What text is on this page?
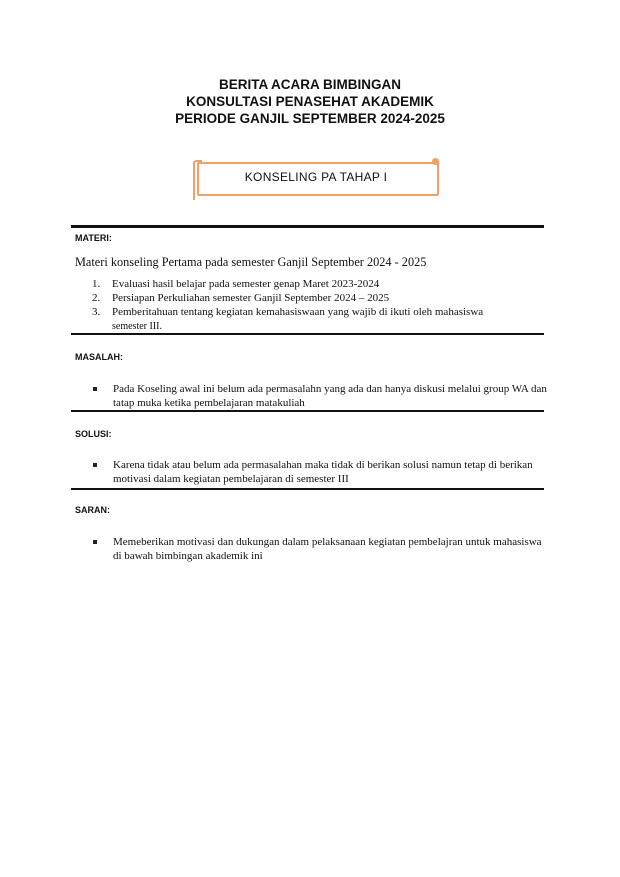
BERITA ACARA BIMBINGAN
KONSULTASI PENASEHAT AKADEMIK
PERIODE GANJIL SEPTEMBER 2024-2025
KONSELING PA TAHAP I
MATERI:
Materi konseling Pertama pada semester Ganjil September 2024 - 2025
1. Evaluasi hasil belajar pada semester genap Maret 2023-2024
2. Persiapan Perkuliahan semester Ganjil September 2024 – 2025
3. Pemberitahuan tentang kegiatan kemahasiswaan yang wajib di ikuti oleh mahasiswa
semester III.
MASALAH:
Pada Koseling awal ini belum ada permasalahn yang ada dan hanya diskusi melalui group WA dan tatap muka ketika pembelajaran matakuliah
SOLUSI:
Karena tidak atau belum ada permasalahan maka tidak di berikan solusi namun tetap di berikan motivasi dalam kegiatan pembelajaran di semester III
SARAN:
Memeberikan motivasi dan dukungan dalam pelaksanaan kegiatan pembelajran untuk mahasiswa di bawah bimbingan akademik ini
